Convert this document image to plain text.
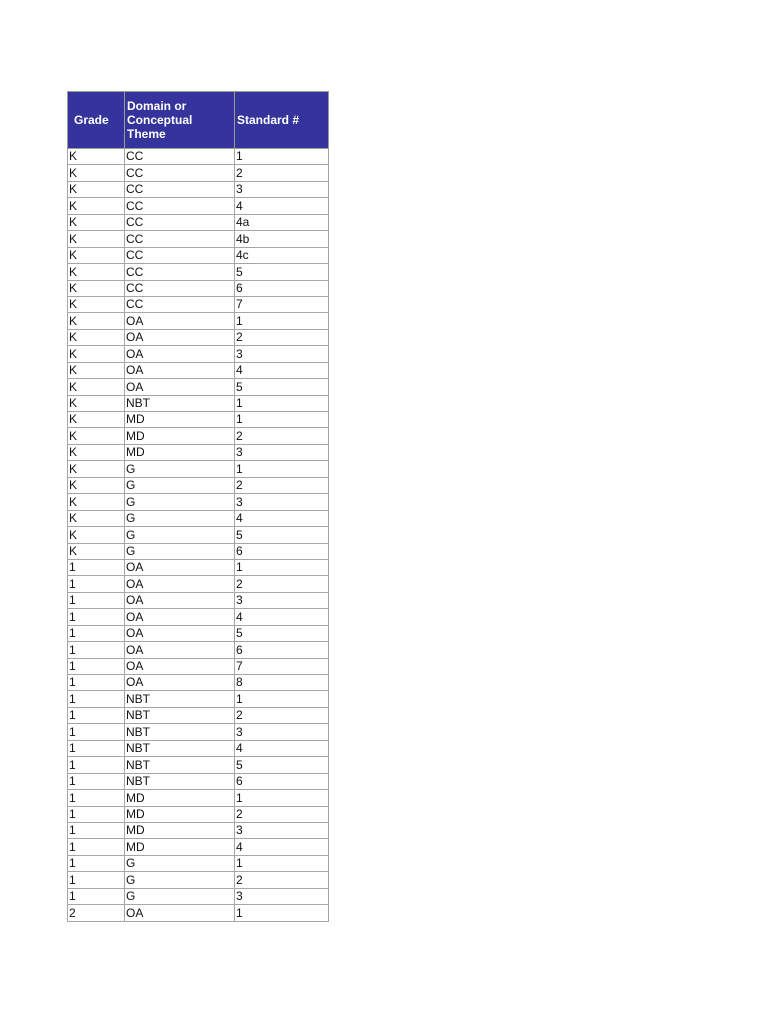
Grade	Domain or Conceptual Theme	Standard #
K	CC	1
K	CC	2
K	CC	3
K	CC	4
K	CC	4a
K	CC	4b
K	CC	4c
K	CC	5
K	CC	6
K	CC	7
K	OA	1
K	OA	2
K	OA	3
K	OA	4
K	OA	5
K	NBT	1
K	MD	1
K	MD	2
K	MD	3
K	G	1
K	G	2
K	G	3
K	G	4
K	G	5
K	G	6
1	OA	1
1	OA	2
1	OA	3
1	OA	4
1	OA	5
1	OA	6
1	OA	7
1	OA	8
1	NBT	1
1	NBT	2
1	NBT	3
1	NBT	4
1	NBT	5
1	NBT	6
1	MD	1
1	MD	2
1	MD	3
1	MD	4
1	G	1
1	G	2
1	G	3
2	OA	1
